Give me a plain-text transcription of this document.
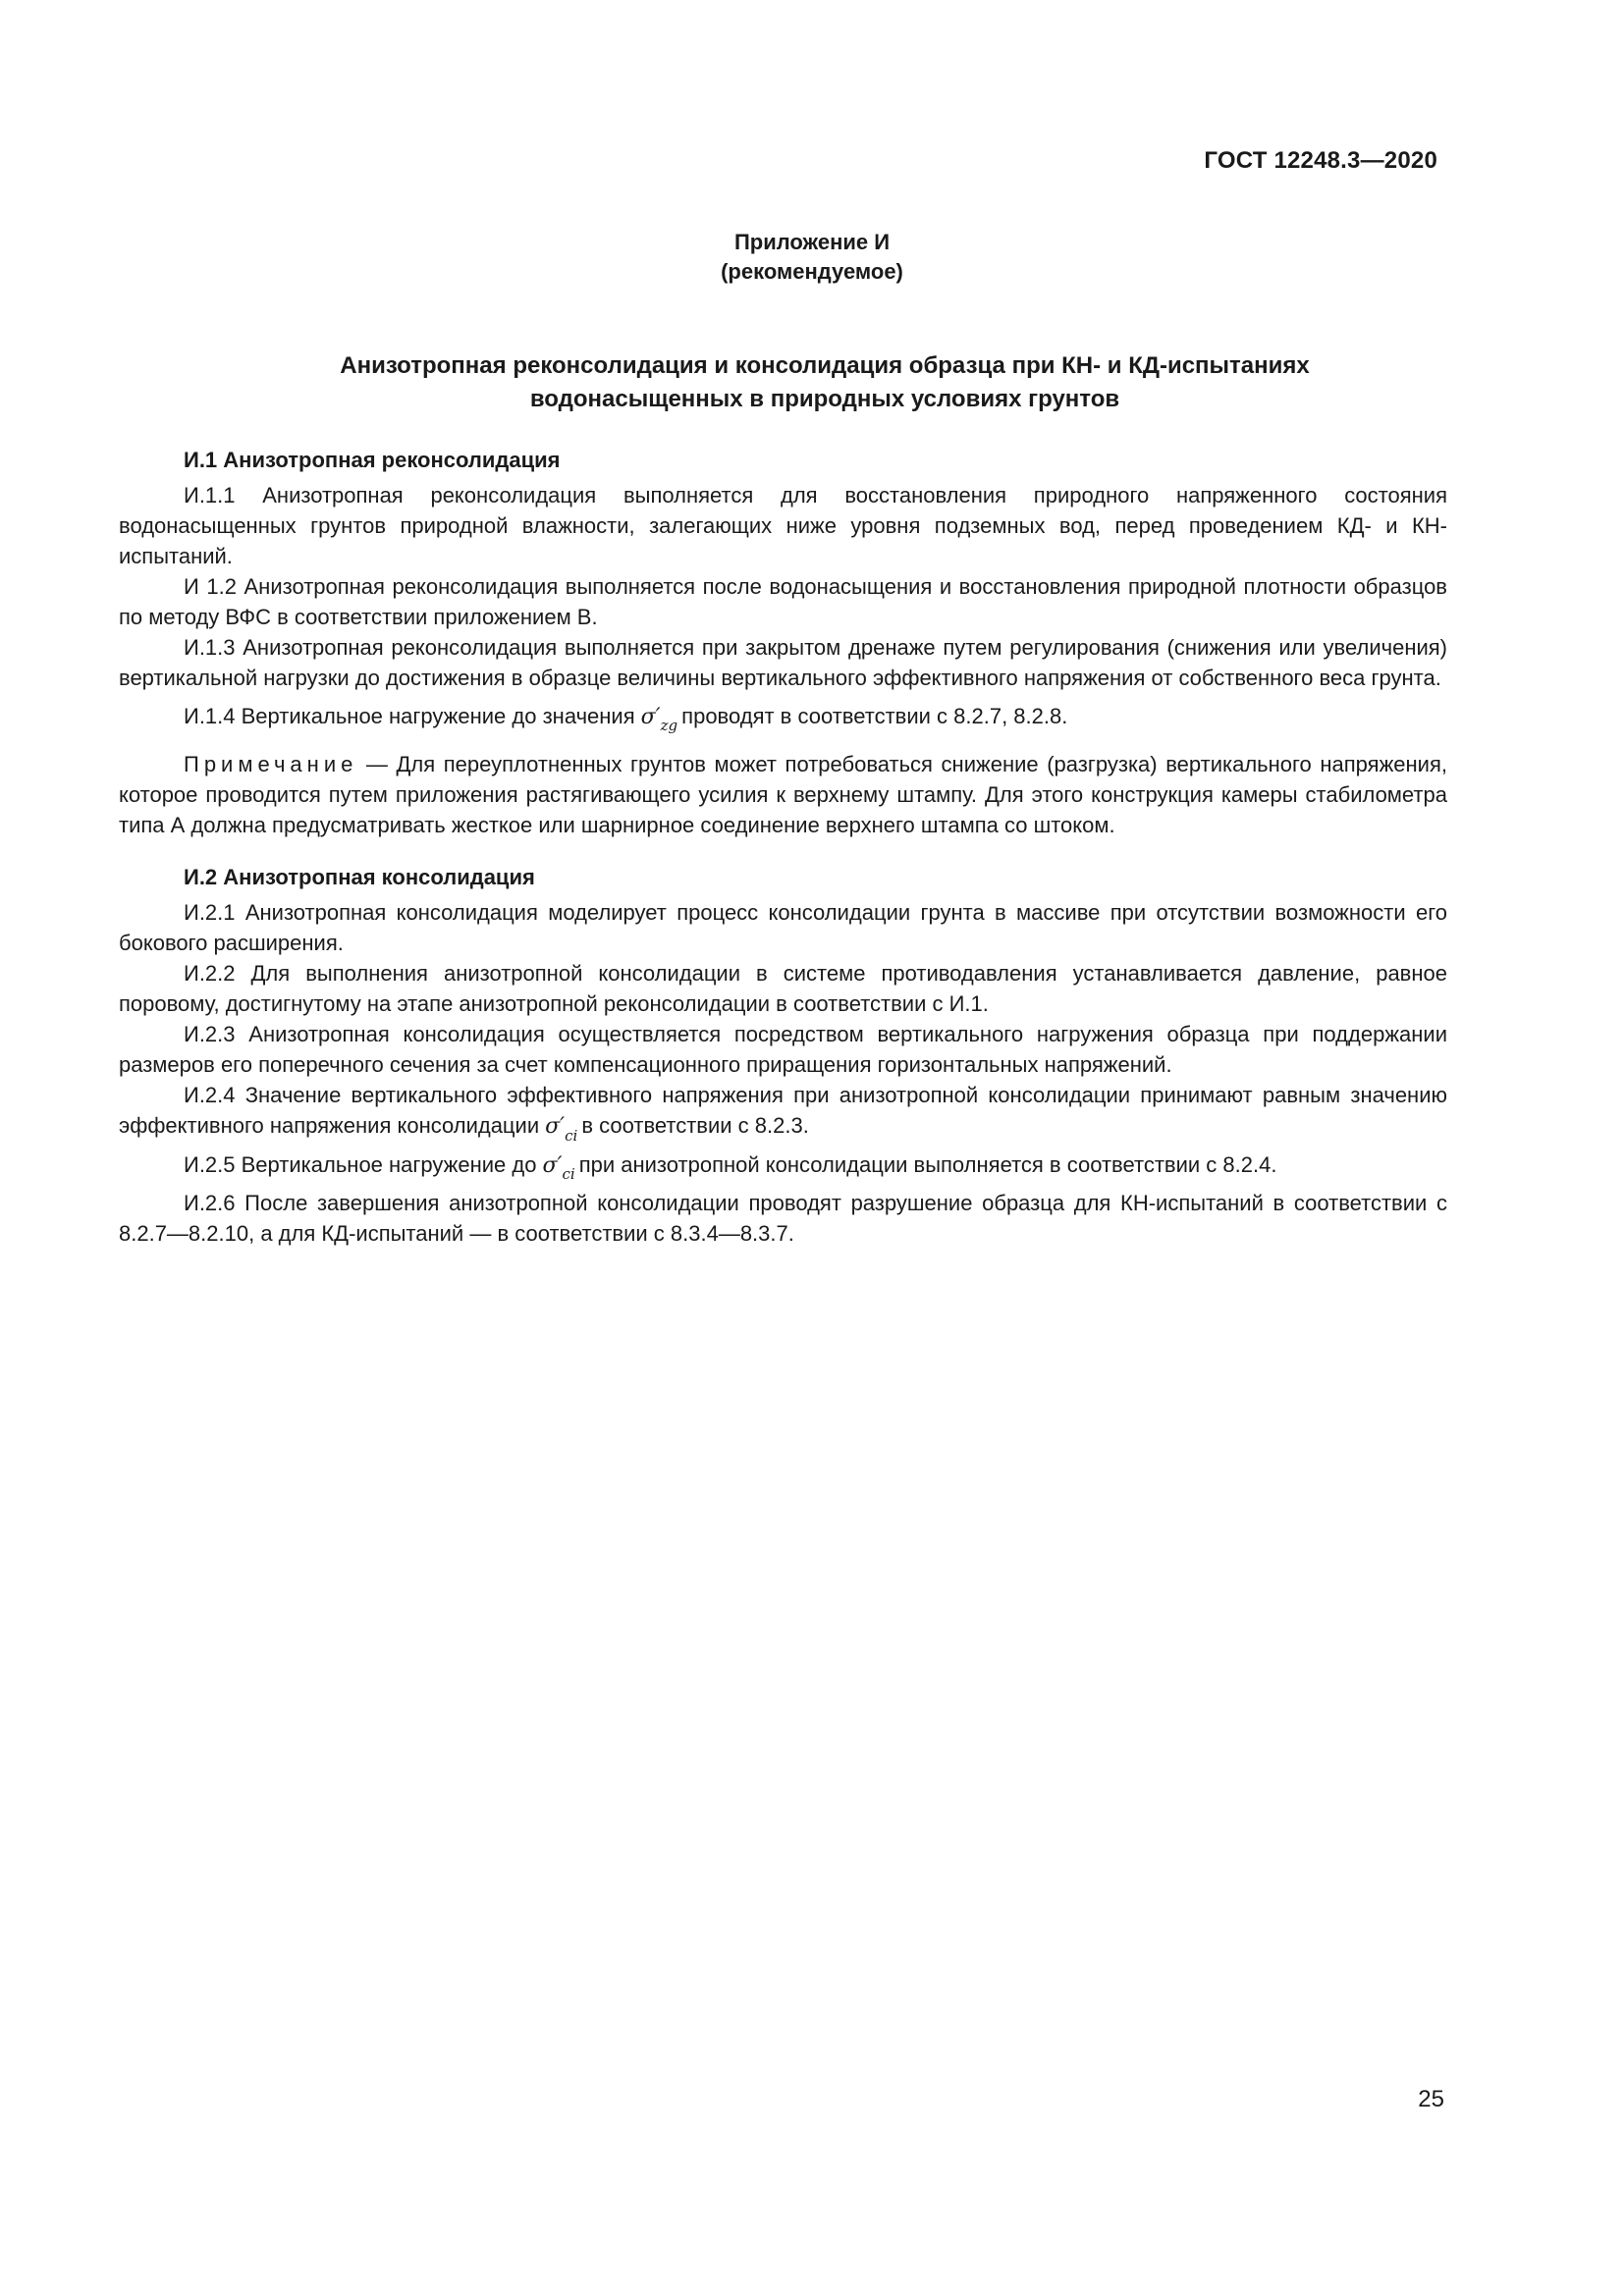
ГОСТ 12248.3—2020
Приложение И
(рекомендуемое)
Анизотропная реконсолидация и консолидация образца при КН- и КД-испытаниях
водонасыщенных в природных условиях грунтов
И.1 Анизотропная реконсолидация

И.1.1 Анизотропная реконсолидация выполняется для восстановления природного напряженного состояния водонасыщенных грунтов природной влажности, залегающих ниже уровня подземных вод, перед проведением КД- и КН-испытаний.

И 1.2 Анизотропная реконсолидация выполняется после водонасыщения и восстановления природной плотности образцов по методу ВФС в соответствии приложением В.

И.1.3 Анизотропная реконсолидация выполняется при закрытом дренаже путем регулирования (снижения или увеличения) вертикальной нагрузки до достижения в образце величины вертикального эффективного напряжения от собственного веса грунта.

И.1.4 Вертикальное нагружение до значения $\sigma'_{zg}$ проводят в соответствии с 8.2.7, 8.2.8.

Примечание — Для переуплотненных грунтов может потребоваться снижение (разгрузка) вертикального напряжения, которое проводится путем приложения растягивающего усилия к верхнему штампу. Для этого конструкция камеры стабилометра типа А должна предусматривать жесткое или шарнирное соединение верхнего штампа со штоком.

И.2 Анизотропная консолидация

И.2.1 Анизотропная консолидация моделирует процесс консолидации грунта в массиве при отсутствии возможности его бокового расширения.

И.2.2 Для выполнения анизотропной консолидации в системе противодавления устанавливается давление, равное поровому, достигнутому на этапе анизотропной реконсолидации в соответствии с И.1.

И.2.3 Анизотропная консолидация осуществляется посредством вертикального нагружения образца при поддержании размеров его поперечного сечения за счет компенсационного приращения горизонтальных напряжений.

И.2.4 Значение вертикального эффективного напряжения при анизотропной консолидации принимают равным значению эффективного напряжения консолидации $\sigma'_{ci}$ в соответствии с 8.2.3.

И.2.5 Вертикальное нагружение до $\sigma'_{ci}$ при анизотропной консолидации выполняется в соответствии с 8.2.4.

И.2.6 После завершения анизотропной консолидации проводят разрушение образца для КН-испытаний в соответствии с 8.2.7—8.2.10, а для КД-испытаний — в соответствии с 8.3.4—8.3.7.

25
